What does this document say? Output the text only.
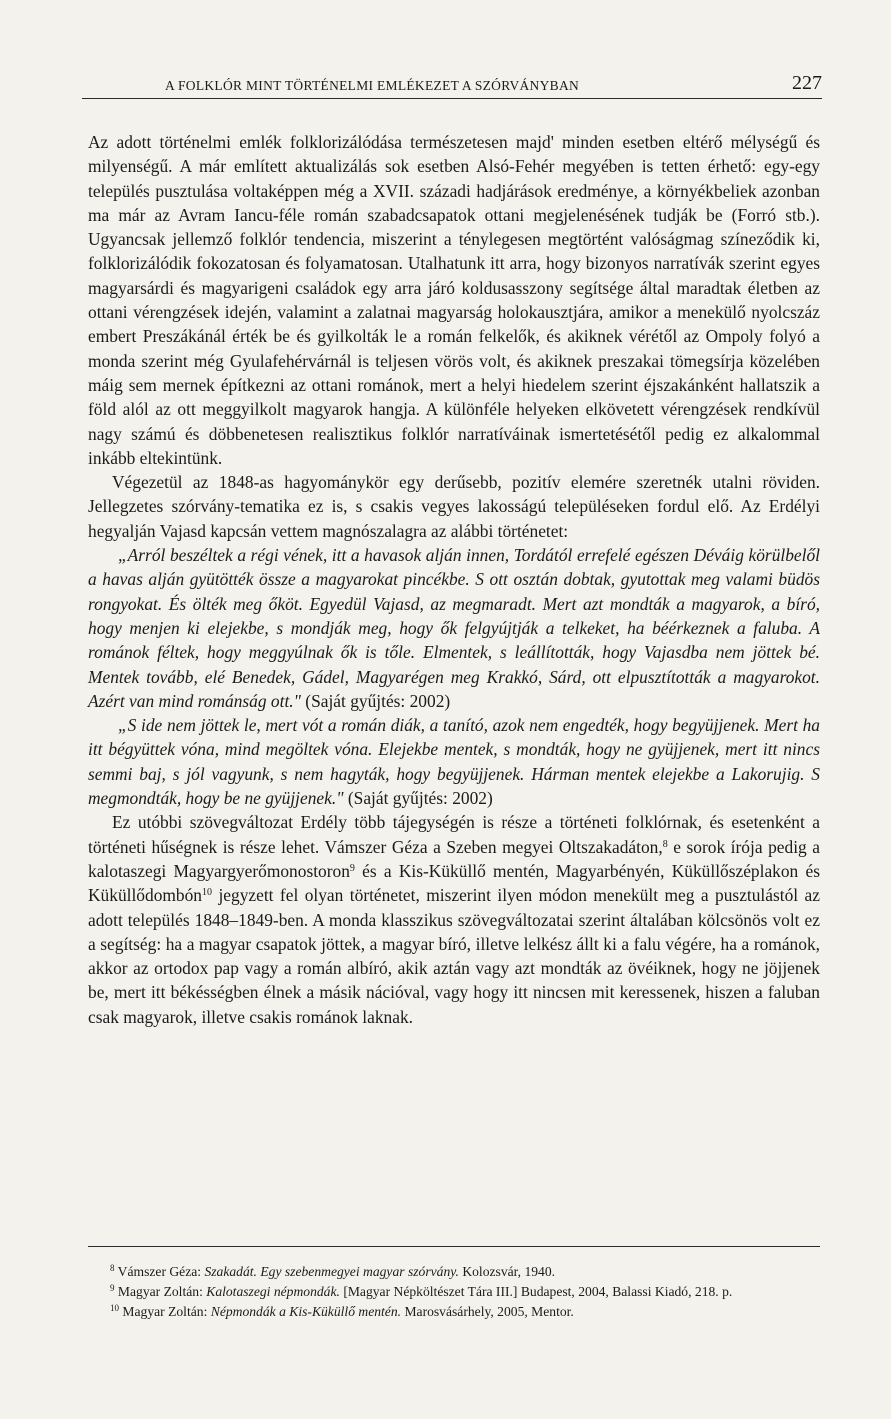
A FOLKLÓR MINT TÖRTÉNELMI EMLÉKEZET A SZÓRVÁNYBAN	227

Az adott történelmi emlék folklorizálódása természetesen majd' minden esetben eltérő mélységű és milyenségű. A már említett aktualizálás sok esetben Alsó-Fehér megyében is tetten érhető: egy-egy település pusztulása voltaképpen még a XVII. századi hadjárások eredménye, a környékbeliek azonban ma már az Avram Iancu-féle román szabadcsapatok ottani megjelenésének tudják be (Forró stb.). Ugyancsak jellemző folklór tendencia, miszerint a ténylegesen megtörtént valóságmag színeződik ki, folklorizálódik fokozatosan és folyamatosan. Utalhatunk itt arra, hogy bizonyos narratívák szerint egyes magyarsárdi és magyarigeni családok egy arra járó koldusasszony segítsége által maradtak életben az ottani vérengzések idején, valamint a zalatnai magyarság holokausztjára, amikor a menekülő nyolcszáz embert Preszákánál érték be és gyilkolták le a román felkelők, és akiknek vérétől az Ompoly folyó a monda szerint még Gyulafehérvárnál is teljesen vörös volt, és akiknek preszakai tömegsírja közelében máig sem mernek építkezni az ottani románok, mert a helyi hiedelem szerint éjszakánként hallatszik a föld alól az ott meggyilkolt magyarok hangja. A különféle helyeken elkövetett vérengzések rendkívül nagy számú és döbbenetesen realisztikus folklór narratíváinak ismertetésétől pedig ez alkalommal inkább eltekintünk.

Végezetül az 1848-as hagyománykör egy derűsebb, pozitív elemére szeretnék utalni röviden. Jellegzetes szórvány-tematika ez is, s csakis vegyes lakosságú településeken fordul elő. Az Erdélyi hegyalján Vajasd kapcsán vettem magnószalagra az alábbi történetet:

„Arról beszéltek a régi vének, itt a havasok alján innen, Tordától errefelé egészen Déváig körülbelől a havas alján gyütötték össze a magyarokat pincékbe. S ott osztán dobtak, gyutottak meg valami büdös rongyokat. És ölték meg őköt. Egyedül Vajasd, az megmaradt. Mert azt mondták a magyarok, a bíró, hogy menjen ki elejekbe, s mondják meg, hogy ők felgyújtják a telkeket, ha béérkeznek a faluba. A románok féltek, hogy meggyúlnak ők is tőle. Elmentek, s leállították, hogy Vajasdba nem jöttek bé. Mentek tovább, elé Benedek, Gádel, Magyarégen meg Krakkó, Sárd, ott elpusztították a magyarokot. Azért van mind románság ott." (Saját gyűjtés: 2002)

„S ide nem jöttek le, mert vót a román diák, a tanító, azok nem engedték, hogy begyüjjenek. Mert ha itt bégyüttek vóna, mind megöltek vóna. Elejekbe mentek, s mondták, hogy ne gyüjjenek, mert itt nincs semmi baj, s jól vagyunk, s nem hagyták, hogy begyüjjenek. Hárman mentek elejekbe a Lakorujig. S megmondták, hogy be ne gyüjjenek." (Saját gyűjtés: 2002)

Ez utóbbi szövegváltozat Erdély több tájegységén is része a történeti folklórnak, és esetenként a történeti hűségnek is része lehet. Vámszer Géza a Szeben megyei Oltszakadáton,$^8$ e sorok írója pedig a kalotaszegi Magyargyerőmonostoron$^9$ és a Kis-Küküllő mentén, Magyarbényén, Küküllőszéplakon és Küküllődombón$^{10}$ jegyzett fel olyan történetet, miszerint ilyen módon menekült meg a pusztulástól az adott település 1848–1849-ben. A monda klasszikus szövegváltozatai szerint általában kölcsönös volt ez a segítség: ha a magyar csapatok jöttek, a magyar bíró, illetve lelkész állt ki a falu végére, ha a románok, akkor az ortodox pap vagy a román albíró, akik aztán vagy azt mondták az övéiknek, hogy ne jöjjenek be, mert itt békésségben élnek a másik nációval, vagy hogy itt nincsen mit keressenek, hiszen a faluban csak magyarok, illetve csakis románok laknak.

$^8$ Vámszer Géza: Szakadát. Egy szebenmegyei magyar szórvány. Kolozsvár, 1940.

$^9$ Magyar Zoltán: Kalotaszegi népmondák. [Magyar Népköltészet Tára III.] Budapest, 2004, Balassi Kiadó, 218. p.

$^{10}$ Magyar Zoltán: Népmondák a Kis-Küküllő mentén. Marosvásárhely, 2005, Mentor.
